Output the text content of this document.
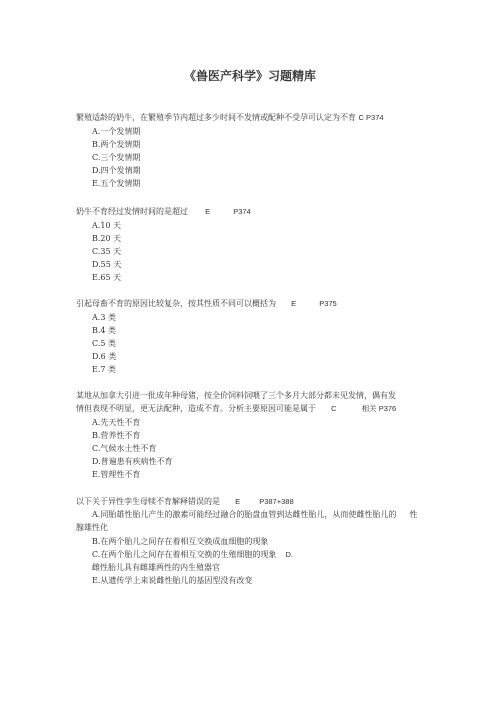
《兽医产科学》习题精库
繁殖适龄的奶牛，在繁殖季节内超过多少时间不发情或配种不受孕可认定为不育 C P374
A.一个发情期
B.两个发情期
C.三个发情期
D.四个发情期
E.五个发情期
奶牛不育经过发情时间的是超过 E	P374
A.10 天
B.20 天
C.35 天
D.55 天
E.65 天
引起母畜不育的原因比较复杂，按其性质不同可以概括为 E	P375
A.3 类
B.4 类
C.5 类
D.6 类
E.7 类
某地从加拿大引进一批成年种母猪，按全价饲料饲喂了三个多月大部分都未见发情，偶有发
情但表现不明显，更无法配种，造成不育。分析主要原因可能是属于 C	相关 P376
A.先天性不育
B.营养性不育
C.气候水土性不育
D.普遍患有疾病性不育
E.管理性不育
以下关于异性孪生母犊不育解释错误的是 E	P387+388
A.同胎雄性胎儿产生的激素可能经过融合的胎盘血管到达雌性胎儿，从而使雌性胎儿的 性
腺雄性化
B.在两个胎儿之间存在着相互交换成血细胞的现象
C.在两个胎儿之间存在着相互交换的生殖细胞的现象 D.
雌性胎儿具有雌雄两性的内生殖器官
E.从遗传学上来说雌性胎儿的基因型没有改变
